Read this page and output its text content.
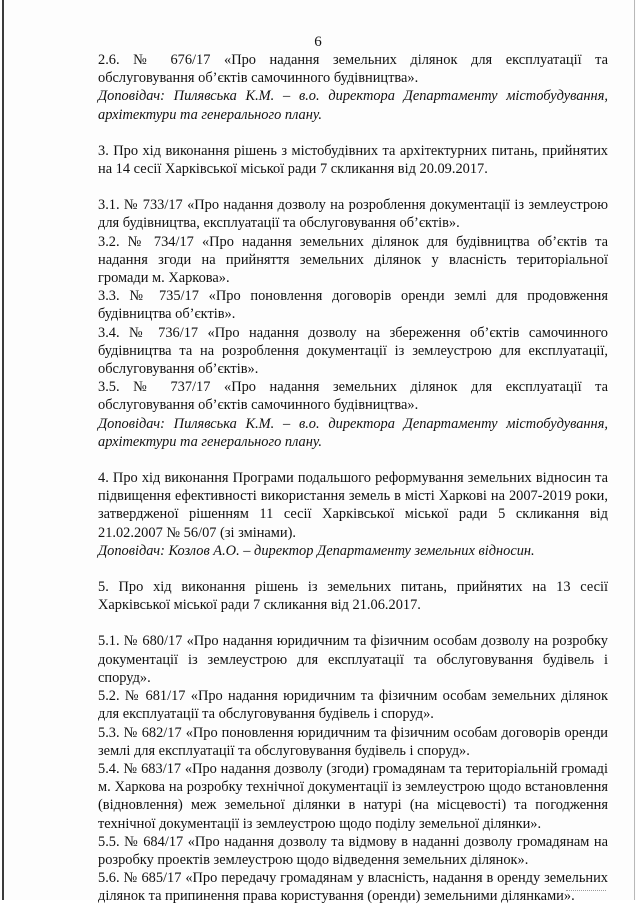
6

2.6. № 676/17 «Про надання земельних ділянок для експлуатації та обслуговування об’єктів самочинного будівництва».

Доповідач: Пилявська К.М. – в.о. директора Департаменту містобудування, архітектури та генерального плану.

3. Про хід виконання рішень з містобудівних та архітектурних питань, прийнятих на 14 сесії Харківської міської ради 7 скликання від 20.09.2017.

3.1. № 733/17 «Про надання дозволу на розроблення документації із землеустрою для будівництва, експлуатації та обслуговування об’єктів».

3.2. № 734/17 «Про надання земельних ділянок для будівництва об’єктів та надання згоди на прийняття земельних ділянок у власність територіальної громади м. Харкова».

3.3. № 735/17 «Про поновлення договорів оренди землі для продовження будівництва об’єктів».

3.4. № 736/17 «Про надання дозволу на збереження об’єктів самочинного будівництва та на розроблення документації із землеустрою для експлуатації, обслуговування об’єктів».

3.5. № 737/17 «Про надання земельних ділянок для експлуатації та обслуговування об’єктів самочинного будівництва».

Доповідач: Пилявська К.М. – в.о. директора Департаменту містобудування, архітектури та генерального плану.

4. Про хід виконання Програми подальшого реформування земельних відносин та підвищення ефективності використання земель в місті Харкові на 2007-2019 роки, затвердженої рішенням 11 сесії Харківської міської ради 5 скликання від 21.02.2007 № 56/07 (зі змінами).

Доповідач: Козлов А.О. – директор Департаменту земельних відносин.

5. Про хід виконання рішень із земельних питань, прийнятих на 13 сесії Харківської міської ради 7 скликання від 21.06.2017.

5.1. № 680/17 «Про надання юридичним та фізичним особам дозволу на розробку документації із землеустрою для експлуатації та обслуговування будівель і споруд».

5.2. № 681/17 «Про надання юридичним та фізичним особам земельних ділянок для експлуатації та обслуговування будівель і споруд».

5.3. № 682/17 «Про поновлення юридичним та фізичним особам договорів оренди землі для експлуатації та обслуговування будівель і споруд».

5.4. № 683/17 «Про надання дозволу (згоди) громадянам та територіальній громаді м. Харкова на розробку технічної документації із землеустрою щодо встановлення (відновлення) меж земельної ділянки в натурі (на місцевості) та погодження технічної документації із землеустрою щодо поділу земельної ділянки».

5.5. № 684/17 «Про надання дозволу та відмову в наданні дозволу громадянам на розробку проектів землеустрою щодо відведення земельних ділянок».

5.6. № 685/17 «Про передачу громадянам у власність, надання в оренду земельних ділянок та припинення права користування (оренди) земельними ділянками».
